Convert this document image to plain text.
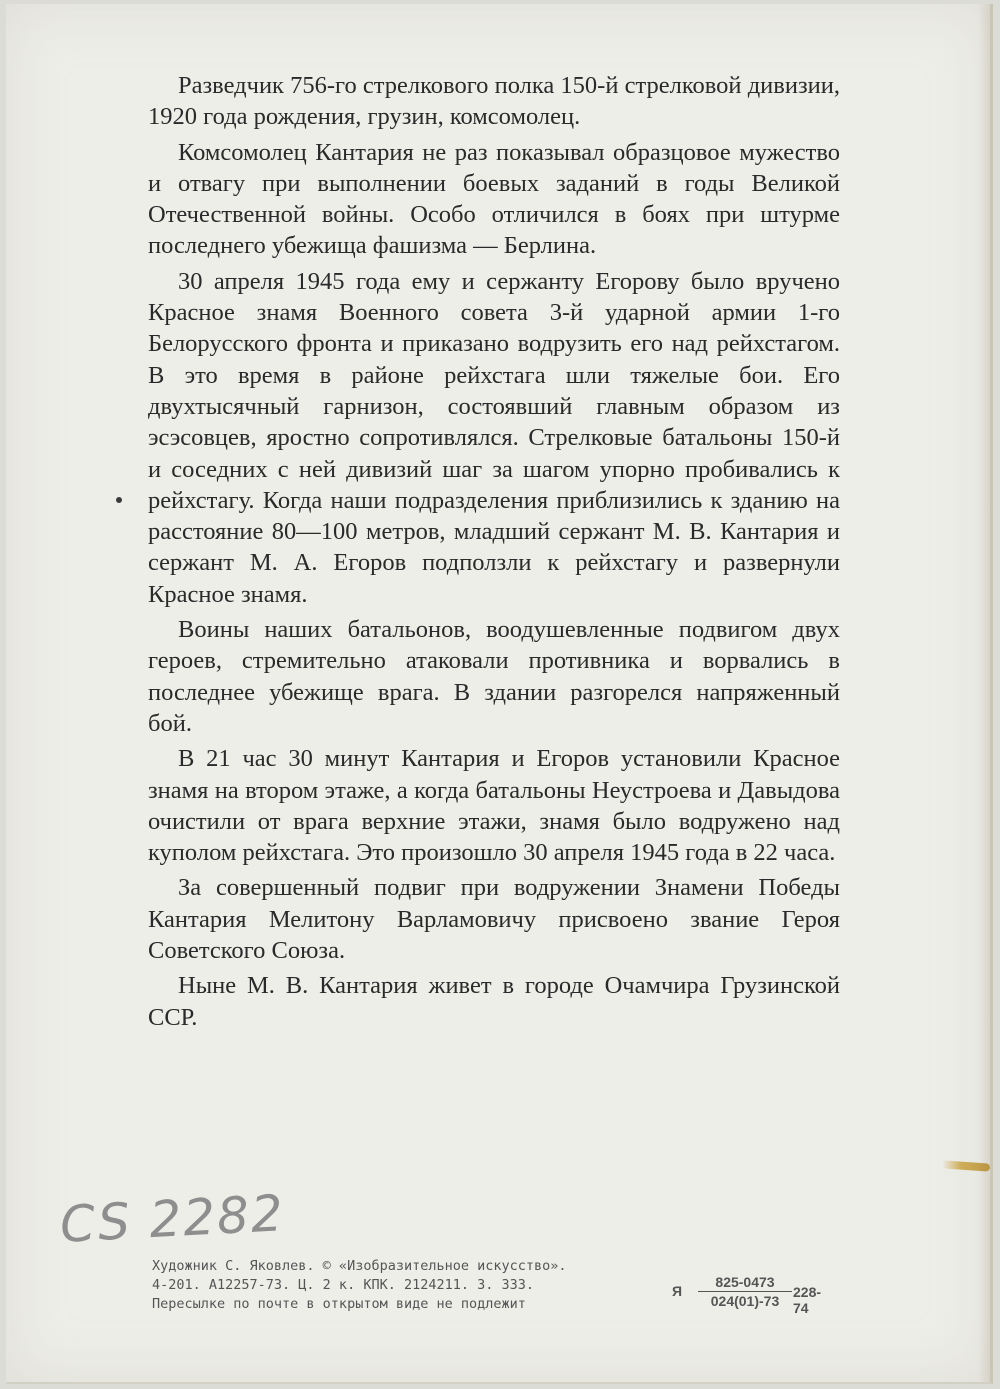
Разведчик 756-го стрелкового полка 150-й стрелковой дивизии, 1920 года рождения, грузин, комсомолец.

Комсомолец Кантария не раз показывал образцовое мужество и отвагу при выполнении боевых заданий в годы Великой Отечественной войны. Особо отличился в боях при штурме последнего убежища фашизма — Берлина.

30 апреля 1945 года ему и сержанту Егорову было вручено Красное знамя Военного совета 3-й ударной армии 1-го Белорусского фронта и приказано водрузить его над рейхстагом. В это время в районе рейхстага шли тяжелые бои. Его двухтысячный гарнизон, состоявший главным образом из эсэсовцев, яростно сопротивлялся. Стрелковые батальоны 150-й и соседних с ней дивизий шаг за шагом упорно пробивались к рейхстагу. Когда наши подразделения приблизились к зданию на расстояние 80—100 метров, младший сержант М. В. Кантария и сержант М. А. Егоров подползли к рейхстагу и развернули Красное знамя.

Воины наших батальонов, воодушевленные подвигом двух героев, стремительно атаковали противника и ворвались в последнее убежище врага. В здании разгорелся напряженный бой.

В 21 час 30 минут Кантария и Егоров установили Красное знамя на втором этаже, а когда батальоны Неустроева и Давыдова очистили от врага верхние этажи, знамя было водружено над куполом рейхстага. Это произошло 30 апреля 1945 года в 22 часа.

За совершенный подвиг при водружении Знамени Победы Кантария Мелитону Варламовичу присвоено звание Героя Советского Союза.

Ныне М. В. Кантария живет в городе Очамчира Грузинской ССР.

CS 2282
Художник С. Яковлев. © «Изобразительное искусство».
4-201. А12257-73. Ц. 2 к. КПК. 2124211. З. 333.
Пересылке по почте в открытом виде не подлежит
Я $\frac{825-0473}{024(01)-73} 228-74$
